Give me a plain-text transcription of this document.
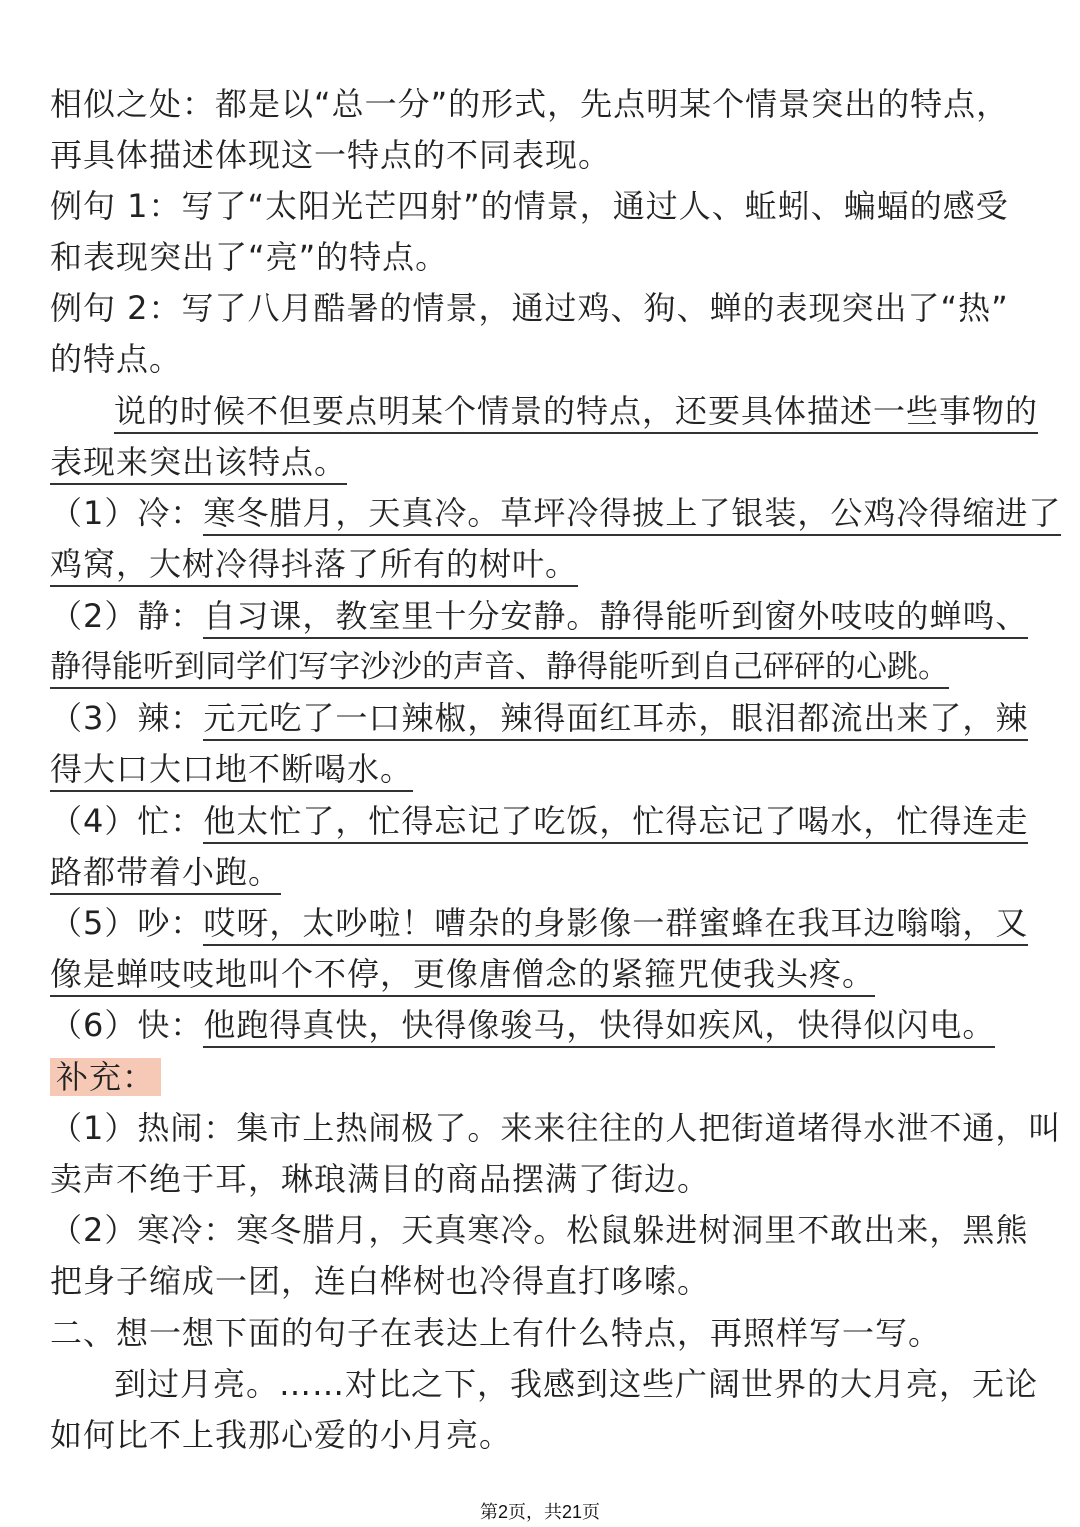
相似之处：都是以“总一分”的形式，先点明某个情景突出的特点，
再具体描述体现这一特点的不同表现。
例句 1：写了“太阳光芒四射”的情景，通过人、蚯蚓、蝙蝠的感受
和表现突出了“亮”的特点。
例句 2：写了八月酷暑的情景，通过鸡、狗、蝉的表现突出了“热”
的特点。
说的时候不但要点明某个情景的特点，还要具体描述一些事物的
表现来突出该特点。
（1）冷：寒冬腊月，天真冷。草坪冷得披上了银装，公鸡冷得缩进了
鸡窝，大树冷得抖落了所有的树叶。
（2）静：自习课，教室里十分安静。静得能听到窗外吱吱的蝉鸣、
静得能听到同学们写字沙沙的声音、静得能听到自己砰砰的心跳。
（3）辣：元元吃了一口辣椒，辣得面红耳赤，眼泪都流出来了，辣
得大口大口地不断喝水。
（4）忙：他太忙了，忙得忘记了吃饭，忙得忘记了喝水，忙得连走
路都带着小跑。
（5）吵：哎呀，太吵啦！嘈杂的身影像一群蜜蜂在我耳边嗡嗡，又
像是蝉吱吱地叫个不停，更像唐僧念的紧箍咒使我头疼。
（6）快：他跑得真快，快得像骏马，快得如疾风，快得似闪电。
补充：
（1）热闹：集市上热闹极了。来来往往的人把街道堵得水泄不通，叫
卖声不绝于耳，琳琅满目的商品摆满了街边。
（2）寒冷：寒冬腊月，天真寒冷。松鼠躲进树洞里不敢出来，黑熊
把身子缩成一团，连白桦树也冷得直打哆嗦。
二、想一想下面的句子在表达上有什么特点，再照样写一写。
到过月亮。……对比之下，我感到这些广阔世界的大月亮，无论
如何比不上我那心爱的小月亮。
第2页，共21页
